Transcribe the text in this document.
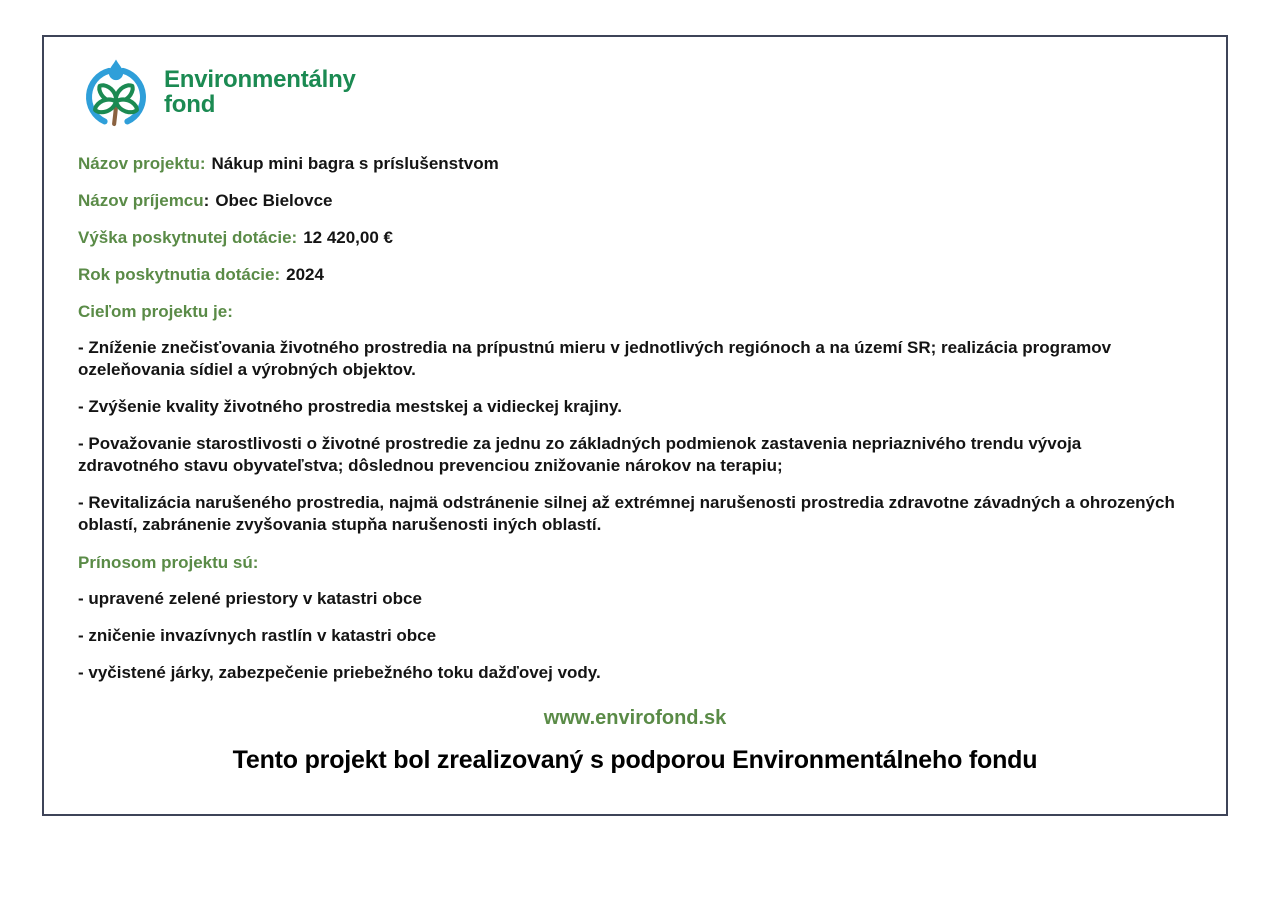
Environmentálny
fond
Názov projektu: Nákup mini bagra s príslušenstvom
Názov príjemcu: Obec Bielovce
Výška poskytnutej dotácie: 12 420,00 €
Rok poskytnutia dotácie: 2024
Cieľom projektu je:
- Zníženie znečisťovania životného prostredia na prípustnú mieru v jednotlivých regiónoch a na území SR; realizácia programov ozeleňovania sídiel a výrobných objektov.
- Zvýšenie kvality životného prostredia mestskej a vidieckej krajiny.
- Považovanie starostlivosti o životné prostredie za jednu zo základných podmienok zastavenia nepriaznivého trendu vývoja zdravotného stavu obyvateľstva; dôslednou prevenciou znižovanie nárokov na terapiu;
- Revitalizácia narušeného prostredia, najmä odstránenie silnej až extrémnej narušenosti prostredia zdravotne závadných a ohrozených oblastí, zabránenie zvyšovania stupňa narušenosti iných oblastí.
Prínosom projektu sú:
- upravené zelené priestory v katastri obce
- zničenie invazívnych rastlín v katastri obce
- vyčistené járky, zabezpečenie priebežného toku dažďovej vody.
www.envirofond.sk
Tento projekt bol zrealizovaný s podporou Environmentálneho fondu
